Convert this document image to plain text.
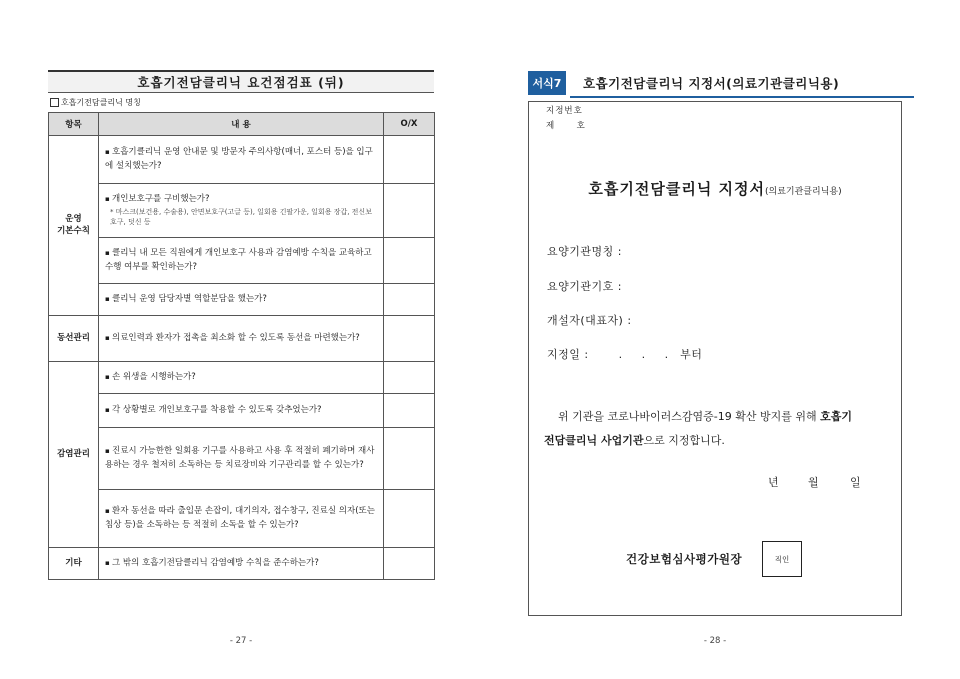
호흡기전담클리닉 요건점검표 (뒤)
호흡기전담클리닉 명칭
항목	내 용	O/X
운영
기본수칙	▪ 호흡기클리닉 운영 안내문 및 방문자 주의사항(매너, 포스터 등)을 입구에 설치했는가?

	▪ 개인보호구를 구비했는가?
* 마스크(보건용, 수술용), 안면보호구(고글 등), 일회용 긴팔가운, 일회용 장갑, 전신보호구, 덧신 등

	▪ 클리닉 내 모든 직원에게 개인보호구 사용과 감염예방 수칙을 교육하고 수행 여부를 확인하는가?

	▪ 클리닉 운영 담당자별 역할분담을 했는가?

동선관리	▪ 의료인력과 환자가 접촉을 최소화 할 수 있도록 동선을 마련했는가?

감염관리	▪ 손 위생을 시행하는가?

	▪ 각 상황별로 개인보호구를 착용할 수 있도록 갖추었는가?

	▪ 진료시 가능한한 일회용 기구를 사용하고 사용 후 적절히 폐기하며 재사용하는 경우 철저히 소독하는 등 치료장비와 기구관리를 할 수 있는가?

	▪ 환자 동선을 따라 출입문 손잡이, 대기의자, 접수창구, 진료실 의자(또는 침상 등)을 소독하는 등 적절히 소독을 할 수 있는가?

기타	▪ 그 밖의 호흡기전담클리닉 감염예방 수칙을 준수하는가?

- 27 -
서식7	호흡기전담클리닉 지정서(의료기관클리닉용)
지정번호
제	호
호흡기전담클리닉 지정서(의료기관클리닉용)
요양기관명칭 :
요양기관기호 :
개설자(대표자) :
지정일 :	. . . 부터
위 기관을 코로나바이러스감염증-19 확산 방지를 위해 호흡기
전담클리닉 사업기관으로 지정합니다.
년	월	일
건강보험심사평가원장	직인
- 28 -
